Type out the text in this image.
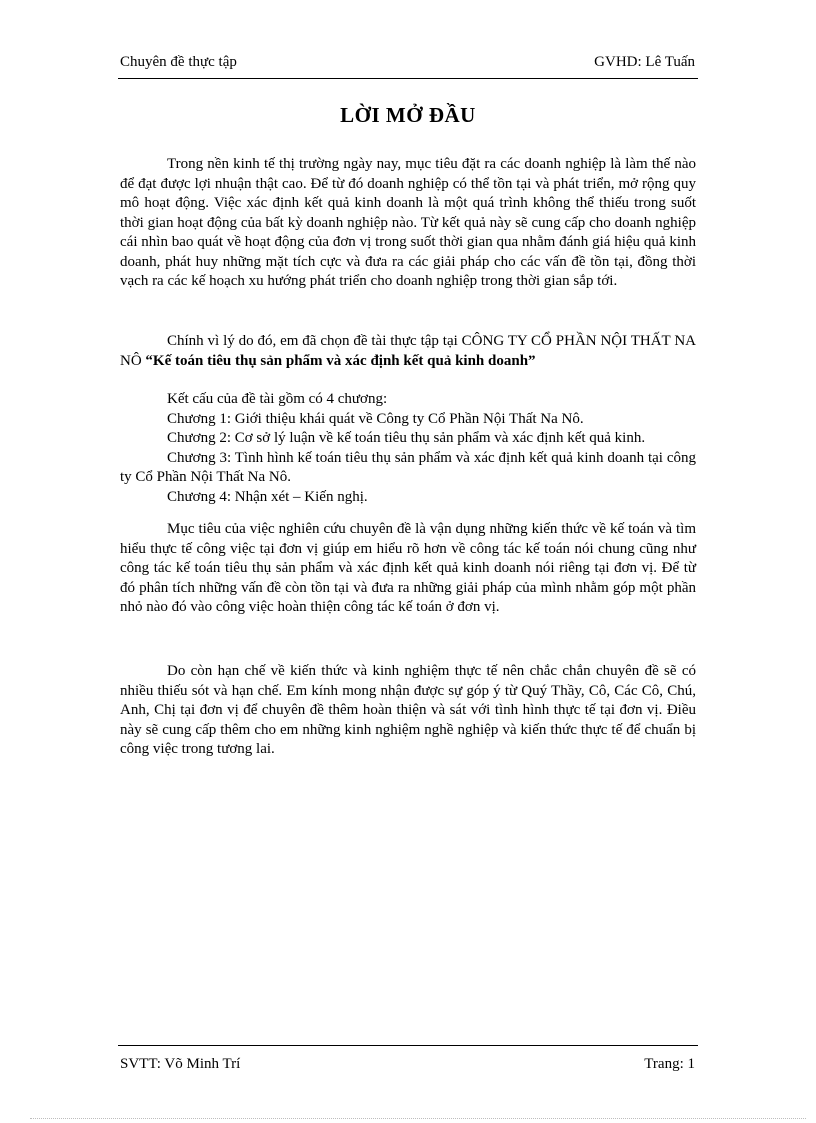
Chuyên đề thực tập	GVHD: Lê Tuấn
LỜI MỞ ĐẦU

Trong nền kinh tế thị trường ngày nay, mục tiêu đặt ra các doanh nghiệp là làm thế nào để đạt được lợi nhuận thật cao. Để từ đó doanh nghiệp có thể tồn tại và phát triển, mở rộng quy mô hoạt động. Việc xác định kết quả kinh doanh là một quá trình không thể thiếu trong suốt thời gian hoạt động của bất kỳ doanh nghiệp nào. Từ kết quả này sẽ cung cấp cho doanh nghiệp cái nhìn bao quát về hoạt động của đơn vị trong suốt thời gian qua nhằm đánh giá hiệu quả kinh doanh, phát huy những mặt tích cực và đưa ra các giải pháp cho các vấn đề tồn tại, đồng thời vạch ra các kế hoạch xu hướng phát triển cho doanh nghiệp trong thời gian sắp tới.

Chính vì lý do đó, em đã chọn đề tài thực tập tại CÔNG TY CỔ PHẦN NỘI THẤT NA NÔ “Kế toán tiêu thụ sản phẩm và xác định kết quả kinh doanh”

Kết cấu của đề tài gồm có 4 chương:

Chương 1: Giới thiệu khái quát về Công ty Cổ Phần Nội Thất Na Nô.

Chương 2: Cơ sở lý luận về kế toán tiêu thụ sản phẩm và xác định kết quả kinh.

Chương 3: Tình hình kế toán tiêu thụ sản phẩm và xác định kết quả kinh doanh tại công ty Cổ Phần Nội Thất Na Nô.

Chương 4: Nhận xét – Kiến nghị.

Mục tiêu của việc nghiên cứu chuyên đề là vận dụng những kiến thức về kế toán và tìm hiểu thực tế công việc tại đơn vị giúp em hiểu rõ hơn về công tác kế toán nói chung cũng như công tác kế toán tiêu thụ sản phẩm và xác định kết quả kinh doanh nói riêng tại đơn vị. Để từ đó phân tích những vấn đề còn tồn tại và đưa ra những giải pháp của mình nhằm góp một phần nhỏ nào đó vào công việc hoàn thiện công tác kế toán ở đơn vị.

Do còn hạn chế về kiến thức và kinh nghiệm thực tế nên chắc chắn chuyên đề sẽ có nhiều thiếu sót và hạn chế. Em kính mong nhận được sự góp ý từ Quý Thầy, Cô, Các Cô, Chú, Anh, Chị tại đơn vị để chuyên đề thêm hoàn thiện và sát với tình hình thực tế tại đơn vị. Điều này sẽ cung cấp thêm cho em những kinh nghiệm nghề nghiệp và kiến thức thực tế để chuẩn bị công việc trong tương lai.

SVTT: Võ Minh Trí	Trang: 1
